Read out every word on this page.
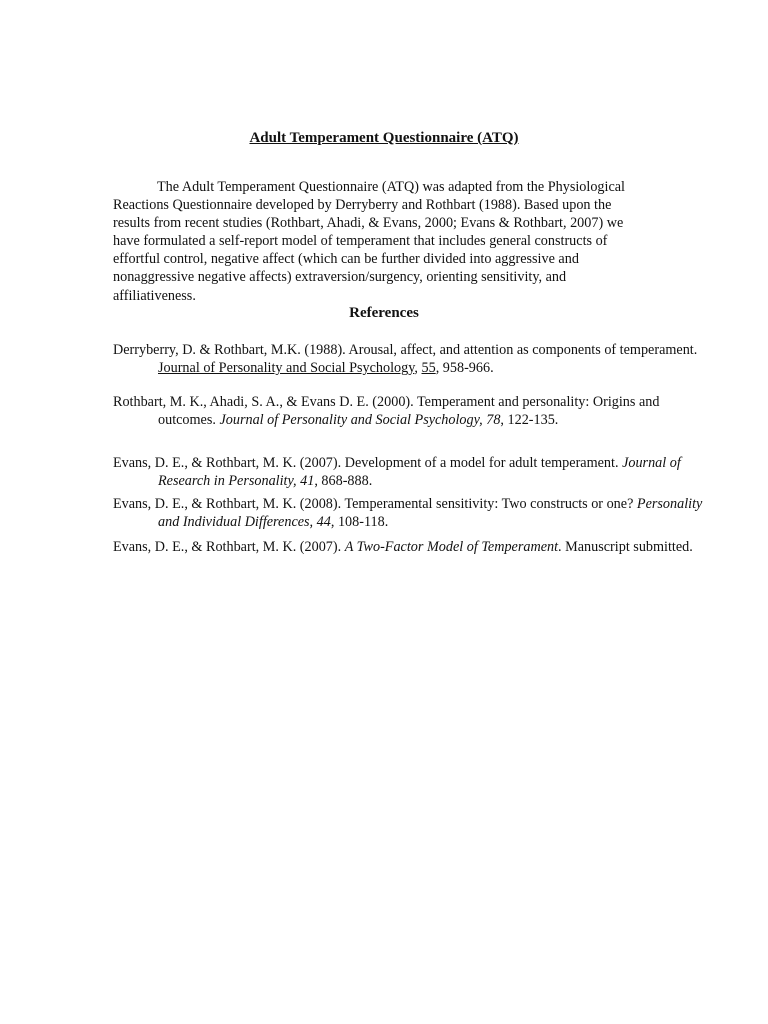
Adult Temperament Questionnaire (ATQ)

The Adult Temperament Questionnaire (ATQ) was adapted from the Physiological Reactions Questionnaire developed by Derryberry and Rothbart (1988). Based upon the results from recent studies (Rothbart, Ahadi, & Evans, 2000; Evans & Rothbart, 2007) we have formulated a self-report model of temperament that includes general constructs of effortful control, negative affect (which can be further divided into aggressive and nonaggressive negative affects) extraversion/surgency, orienting sensitivity, and affiliativeness.

References

Derryberry, D. & Rothbart, M.K. (1988). Arousal, affect, and attention as components of temperament. Journal of Personality and Social Psychology, 55, 958-966.

Rothbart, M. K., Ahadi, S. A., & Evans D. E. (2000). Temperament and personality: Origins and outcomes. Journal of Personality and Social Psychology, 78, 122-135.

Evans, D. E., & Rothbart, M. K. (2007). Development of a model for adult temperament. Journal of Research in Personality, 41, 868-888.

Evans, D. E., & Rothbart, M. K. (2008). Temperamental sensitivity: Two constructs or one? Personality and Individual Differences, 44, 108-118.

Evans, D. E., & Rothbart, M. K. (2007). A Two-Factor Model of Temperament. Manuscript submitted.
